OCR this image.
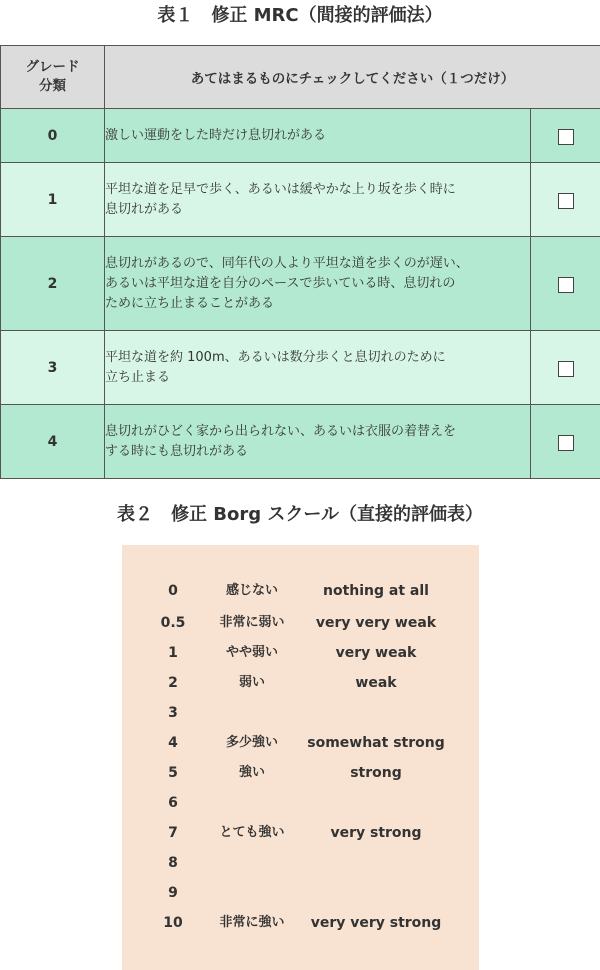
表１　修正 MRC（間接的評価法）
グレード
分類	あてはまるものにチェックしてください（１つだけ）	
0	激しい運動をした時だけ息切れがある	
1	平坦な道を足早で歩く、あるいは緩やかな上り坂を歩く時に
息切れがある	
2	息切れがあるので、同年代の人より平坦な道を歩くのが遅い、
あるいは平坦な道を自分のペースで歩いている時、息切れの
ために立ち止まることがある	
3	平坦な道を約 100m、あるいは数分歩くと息切れのために
立ち止まる	
4	息切れがひどく家から出られない、あるいは衣服の着替えを
する時にも息切れがある	
表２　修正 Borg スクール（直接的評価表）
0	感じない	nothing at all
0.5	非常に弱い	very very weak
1	やや弱い	very weak
2	弱い	weak
3
4	多少強い	somewhat strong
5	強い	strong
6
7	とても強い	very strong
8
9
10	非常に強い	very very strong
